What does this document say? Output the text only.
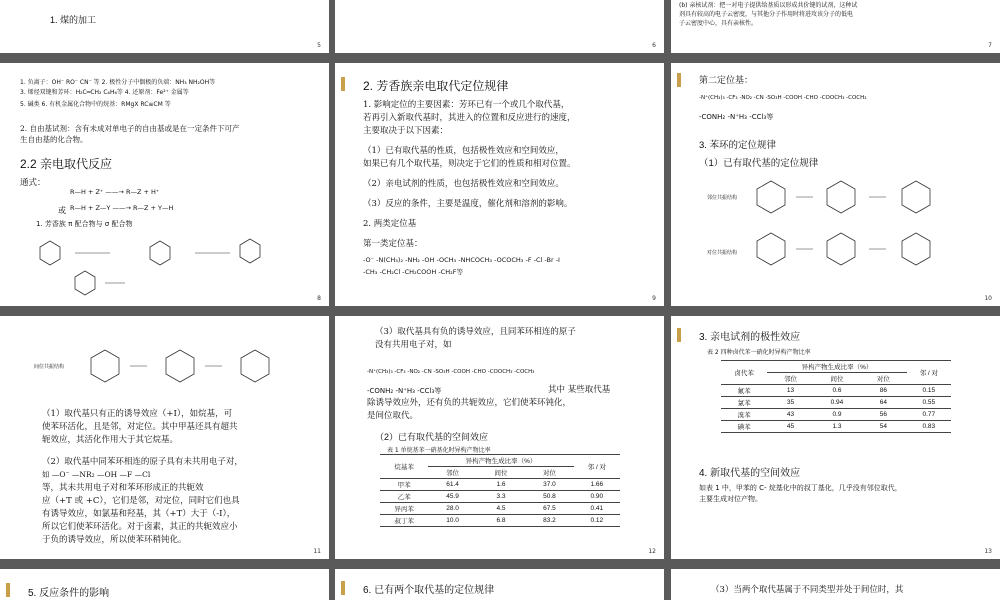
1. 煤的加工
5	6
(b) 亲核试剂：把一对电子提供给基质以形成共价键的试剂，这种试
剂具有较高的电子云密度，与其他分子作用时将进攻该分子的低电
子云密度中心，具有亲核性。
7
1. 负离子：OH⁻ RO⁻ CN⁻ 等 2. 极性分子中偶极的负端：NH₃ NH₂OH等
3. 烯烃双键和芳环：H₂C═CH₂ C₆H₆等 4. 还原剂：Fe²⁺ 金属等
5. 碱类 6. 有机金属化合物中的烷基：RMgX RC≡CM 等
2. 自由基试剂：含有未成对单电子的自由基或是在一定条件下可产
生自由基的化合物。
2.2 亲电取代反应
通式：
R—H + Z⁺ ——→ R—Z + H⁺
或 R—H + Z—Y ——→ R—Z + Y—H
1. 芳香族 π 配合物与 σ 配合物
8
2. 芳香族亲电取代定位规律
1. 影响定位的主要因素：芳环已有一个或几个取代基，
若再引入新取代基时，其进入的位置和反应进行的速度，
主要取决于以下因素：
（1）已有取代基的性质，包括极性效应和空间效应，
如果已有几个取代基，则决定于它们的性质和相对位置。
（2）亲电试剂的性质，也包括极性效应和空间效应。
（3）反应的条件，主要是温度，催化剂和溶剂的影响。
2. 两类定位基
第一类定位基：
-O⁻ -N(CH₃)₂ -NH₂ -OH -OCH₃ -NHCOCH₃ -OCOCH₃ -F -Cl -Br -I
-CH₃ -CH₂Cl -CH₂COOH -CH₂F等
9
第二定位基：
-N⁺(CH₃)₃ -CF₃ -NO₂ -CN -SO₃H -COOH -CHO -COOCH₃ -COCH₃
-CONH₂ -N⁺H₃ -CCl₃等
3. 苯环的定位规律
（1）已有取代基的定位规律
邻位共振结构
对位共振结构
10
间位共振结构
（1）取代基只有正的诱导效应（+I），如烷基，可
使苯环活化，且是邻，对定位。其中甲基还具有超共
轭效应，其活化作用大于其它烷基。
（2）取代基中同苯环相连的原子具有未共用电子对，
如 —O⁻ —NR₂ —OH —F —Cl
等，其未共用电子对和苯环形成正的共轭效
应（+T 或 +C），它们是邻，对定位，同时它们也具
有诱导效应，如氯基和羟基，其（+T）大于（-I），
所以它们使苯环活化。对于卤素，其正的共轭效应小
于负的诱导效应，所以使苯环稍钝化。
11
（3）取代基具有负的诱导效应，且同苯环相连的原子
没有共用电子对，如
-N⁺(CH₃)₃ -CF₃ -NO₂ -CN -SO₃H -COOH -CHO -COOCH₃ -COCH₃
-CONH₂ -N⁺H₃ -CCl₃等	其中 某些取代基
除诱导效应外，还有负的共轭效应，它们使苯环钝化，
是间位取代。
（2）已有取代基的空间效应
表 1 单烷基苯一硝基化时异构产物比率
烷基苯	异构产物生成比率（%）			邻 / 对
	邻位	间位	对位	
甲苯	61.4	1.6	37.0	1.66
乙苯	45.9	3.3	50.8	0.90
异丙苯	28.0	4.5	67.5	0.41
叔丁苯	10.0	6.8	83.2	0.12
12
3. 亲电试剂的极性效应
表 2 四种卤代苯一硝化时异构产物比率
卤代苯	异构产物生成比率（%）			邻 / 对
	邻位	间位	对位	
氟苯	13	0.6	86	0.15
氯苯	35	0.94	64	0.55
溴苯	43	0.9	56	0.77
碘苯	45	1.3	54	0.83
4. 新取代基的空间效应
如表 1 中，甲苯的 C- 烷基化中的叔丁基化，几乎没有邻位取代，
主要生成对位产物。
13
5. 反应条件的影响	6. 已有两个取代基的定位规律	（3）当两个取代基属于不同类型并处于间位时，其
